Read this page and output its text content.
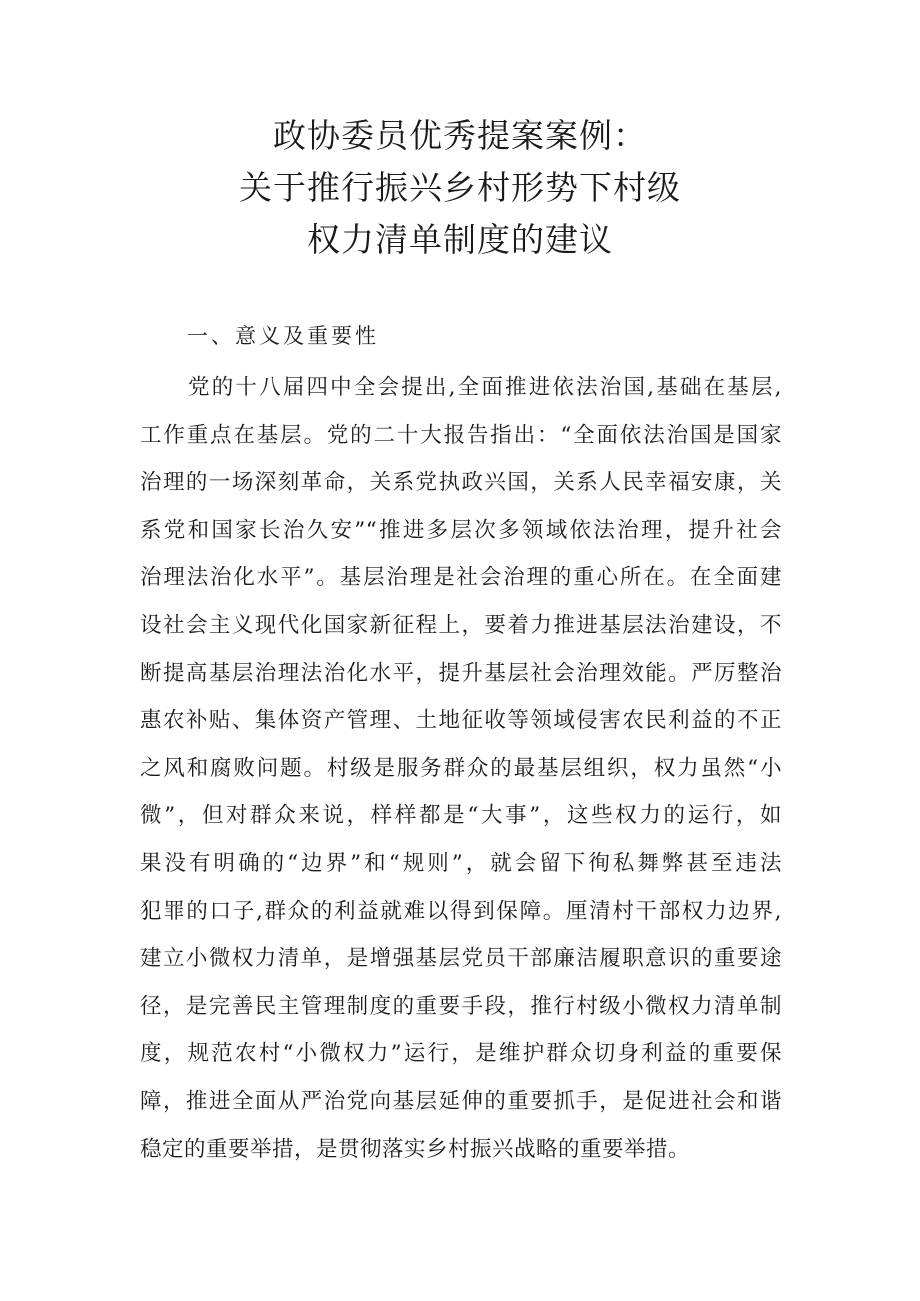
政协委员优秀提案案例：
关于推行振兴乡村形势下村级
权力清单制度的建议
一、意义及重要性
党的十八届四中全会提出,全面推进依法治国,基础在基层,
工作重点在基层。党的二十大报告指出：“全面依法治国是国家
治理的一场深刻革命，关系党执政兴国，关系人民幸福安康，关
系党和国家长治久安”“推进多层次多领域依法治理，提升社会
治理法治化水平”。基层治理是社会治理的重心所在。在全面建
设社会主义现代化国家新征程上，要着力推进基层法治建设，不
断提高基层治理法治化水平，提升基层社会治理效能。严厉整治
惠农补贴、集体资产管理、土地征收等领域侵害农民利益的不正
之风和腐败问题。村级是服务群众的最基层组织，权力虽然“小
微”，但对群众来说，样样都是“大事”，这些权力的运行，如
果没有明确的“边界”和“规则”，就会留下徇私舞弊甚至违法
犯罪的口子,群众的利益就难以得到保障。厘清村干部权力边界,
建立小微权力清单，是增强基层党员干部廉洁履职意识的重要途
径，是完善民主管理制度的重要手段，推行村级小微权力清单制
度，规范农村“小微权力”运行，是维护群众切身利益的重要保
障，推进全面从严治党向基层延伸的重要抓手，是促进社会和谐
稳定的重要举措，是贯彻落实乡村振兴战略的重要举措。
